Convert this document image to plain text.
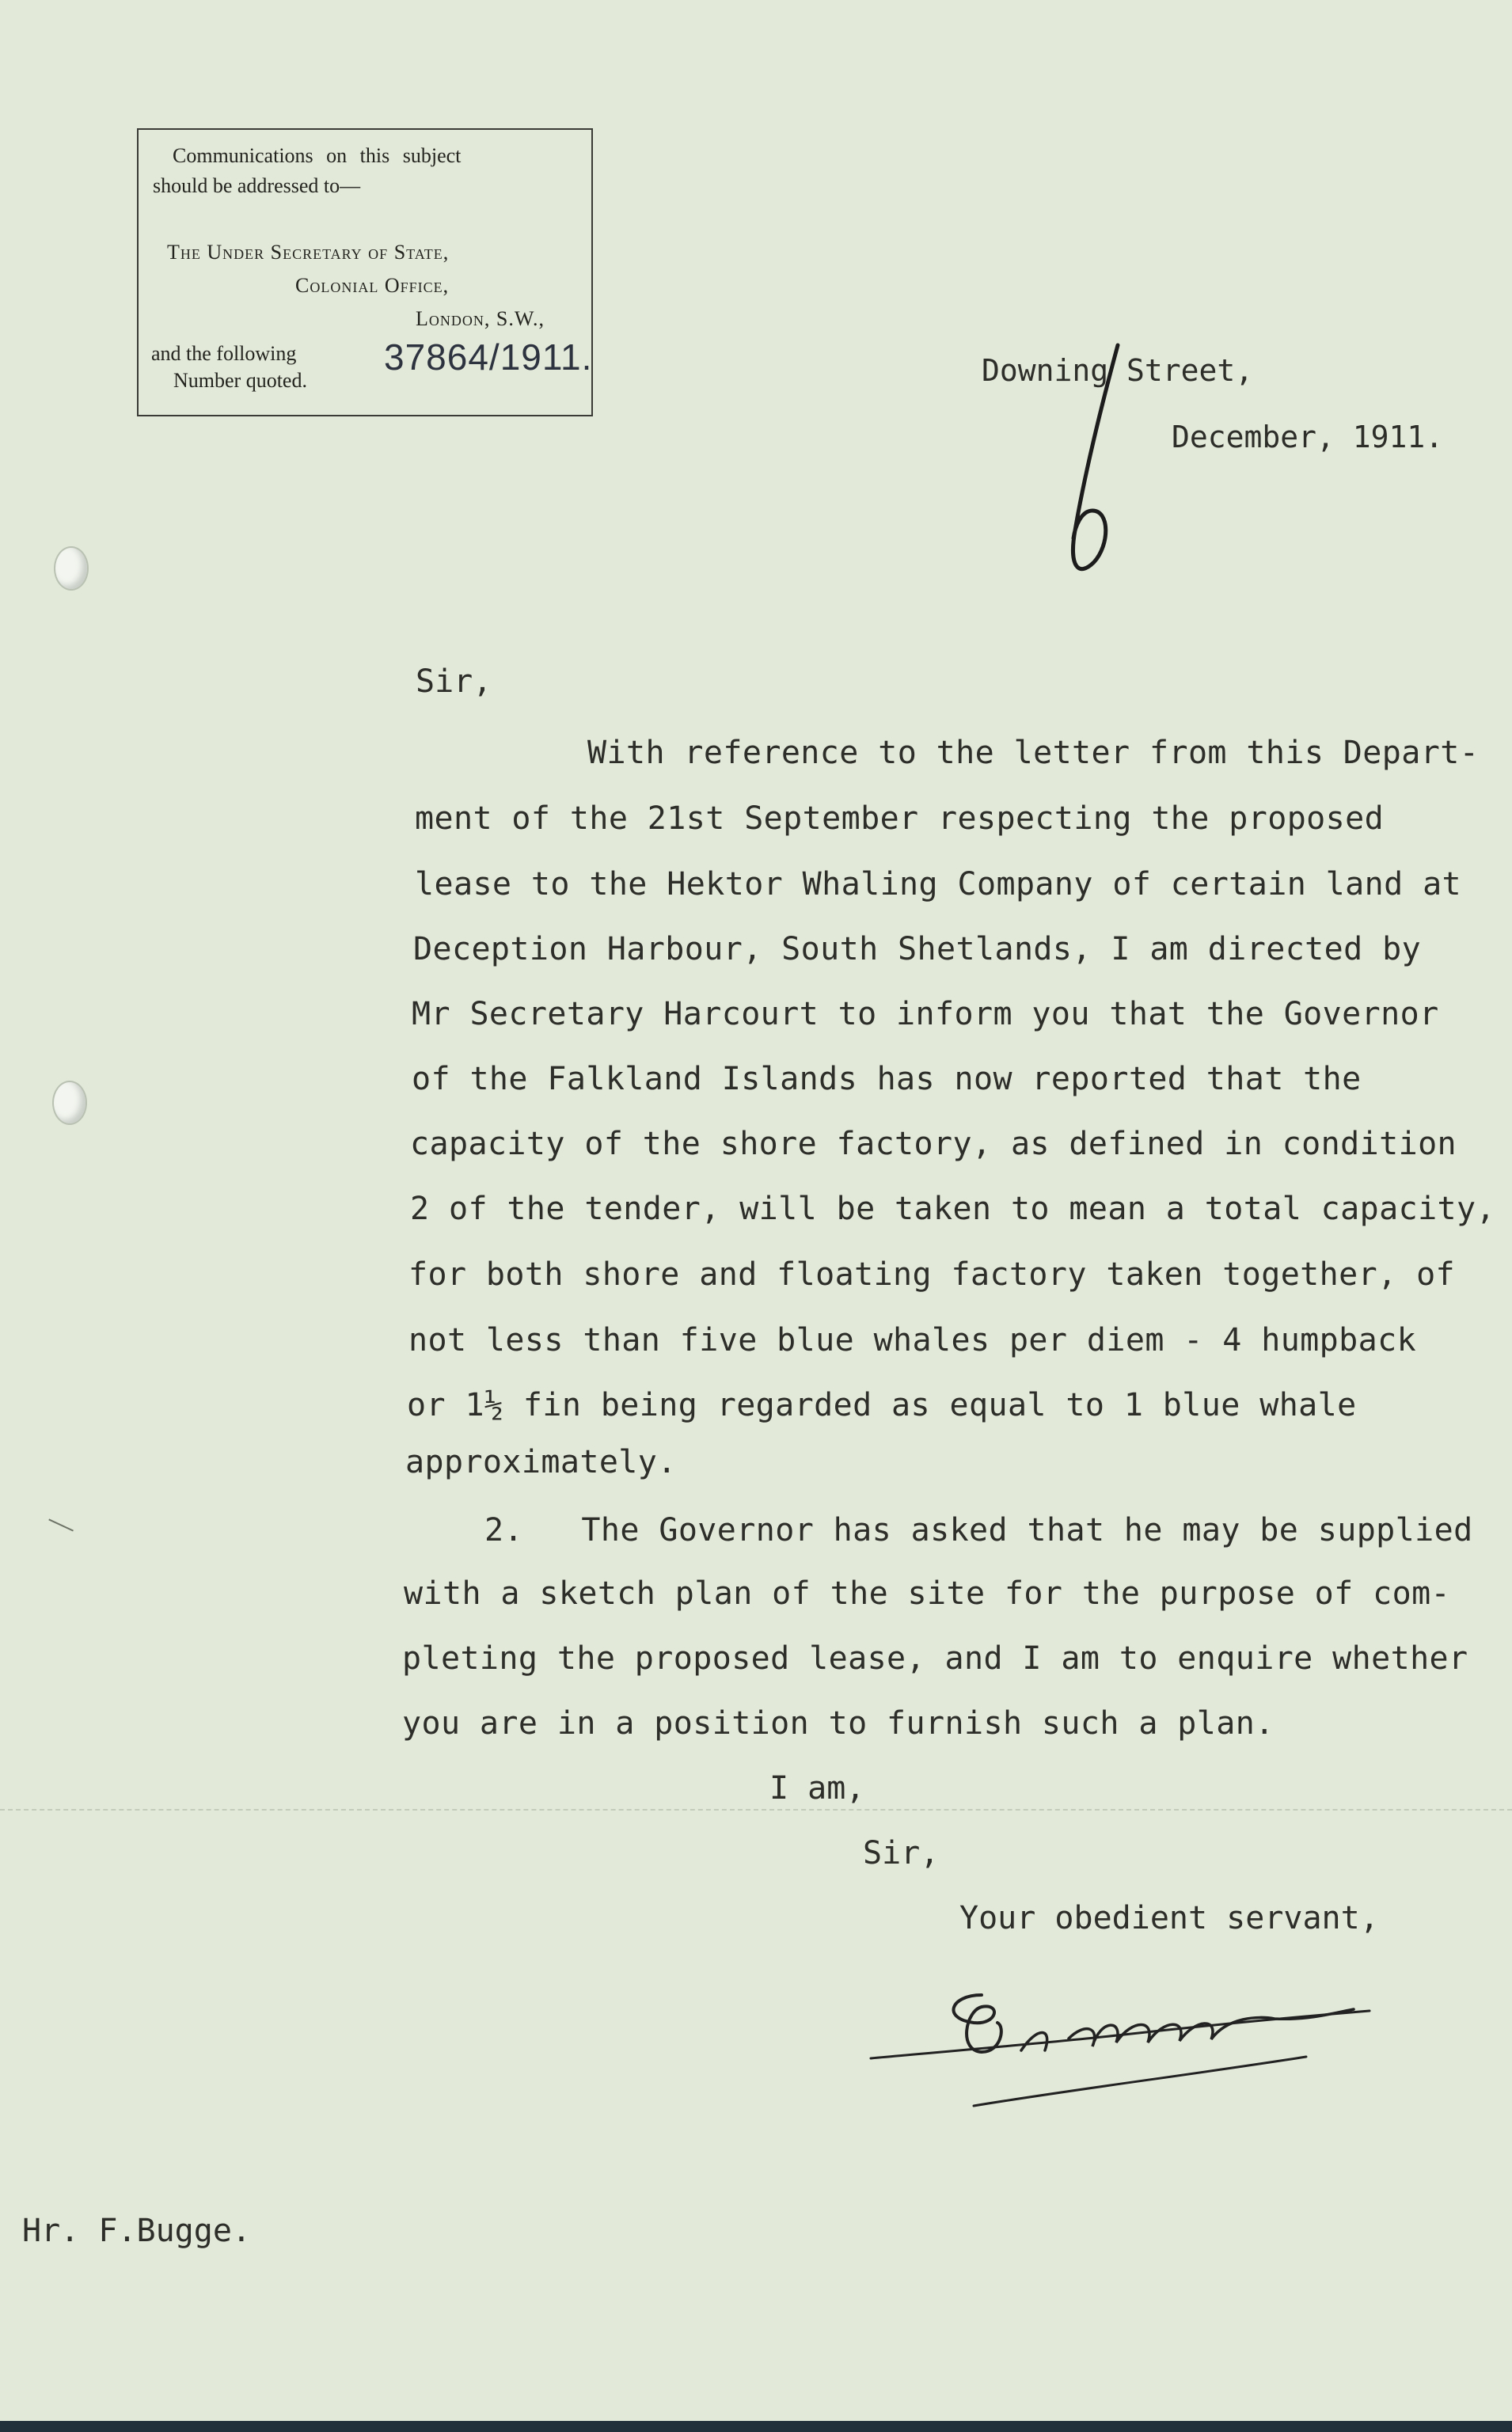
Communications on this subject
should be addressed to—
The Under Secretary of State,
Colonial Office,
London, S.W.,
and the following
Number quoted.
37864/1911.	Downing Street,
December, 1911.
Sir,
With reference to the letter from this Depart-
ment of the 21st September respecting the proposed
lease to the Hektor Whaling Company of certain land at
Deception Harbour, South Shetlands, I am directed by
Mr Secretary Harcourt to inform you that the Governor
of the Falkland Islands has now reported that the
capacity of the shore factory, as defined in condition
2 of the tender, will be taken to mean a total capacity,
for both shore and floating factory taken together, of
not less than five blue whales per diem - 4 humpback
or 1½ fin being regarded as equal to 1 blue whale
approximately.
2.   The Governor has asked that he may be supplied
with a sketch plan of the site for the purpose of com-
pleting the proposed lease, and I am to enquire whether
you are in a position to furnish such a plan.
I am,
Sir,
Your obedient servant,
Hr. F.Bugge.
